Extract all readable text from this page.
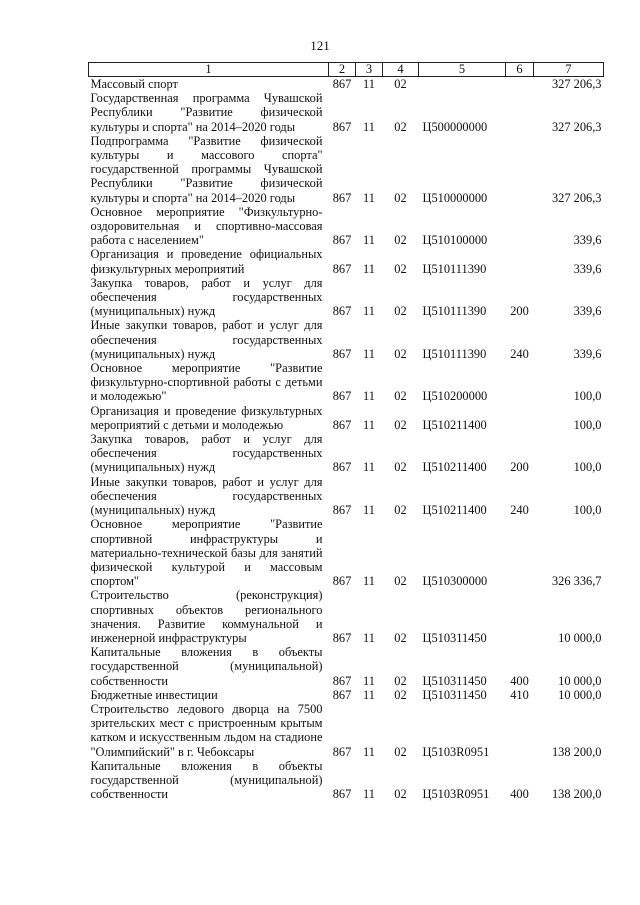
121
1	2	3	4	5	6	7
Массовый спорт	867	11	02			327 206,3
Государственная программа Чувашской Республики "Развитие физической культуры и спорта" на 2014–2020 годы	867	11	02	Ц500000000		327 206,3
Подпрограмма "Развитие физической культуры и массового спорта" государственной программы Чувашской Республики "Развитие физической культуры и спорта" на 2014–2020 годы	867	11	02	Ц510000000		327 206,3
Основное мероприятие "Физкультурно-оздоровительная и спортивно-массовая работа с населением"	867	11	02	Ц510100000		339,6
Организация и проведение официальных физкультурных мероприятий	867	11	02	Ц510111390		339,6
Закупка товаров, работ и услуг для обеспечения государственных (муниципальных) нужд	867	11	02	Ц510111390	200	339,6
Иные закупки товаров, работ и услуг для обеспечения государственных (муниципальных) нужд	867	11	02	Ц510111390	240	339,6
Основное мероприятие "Развитие физкультурно-спортивной работы с детьми и молодежью"	867	11	02	Ц510200000		100,0
Организация и проведение физкультурных мероприятий с детьми и молодежью	867	11	02	Ц510211400		100,0
Закупка товаров, работ и услуг для обеспечения государственных (муниципальных) нужд	867	11	02	Ц510211400	200	100,0
Иные закупки товаров, работ и услуг для обеспечения государственных (муниципальных) нужд	867	11	02	Ц510211400	240	100,0
Основное мероприятие "Развитие спортивной инфраструктуры и материально-технической базы для занятий физической культурой и массовым спортом"	867	11	02	Ц510300000		326 336,7
Строительство (реконструкция) спортивных объектов регионального значения. Развитие коммунальной и инженерной инфраструктуры	867	11	02	Ц510311450		10 000,0
Капитальные вложения в объекты государственной (муниципальной) собственности	867	11	02	Ц510311450	400	10 000,0
Бюджетные инвестиции	867	11	02	Ц510311450	410	10 000,0
Строительство ледового дворца на 7500 зрительских мест с пристроенным крытым катком и искусственным льдом на стадионе "Олимпийский" в г. Чебоксары	867	11	02	Ц5103R0951		138 200,0
Капитальные вложения в объекты государственной (муниципальной) собственности	867	11	02	Ц5103R0951	400	138 200,0
